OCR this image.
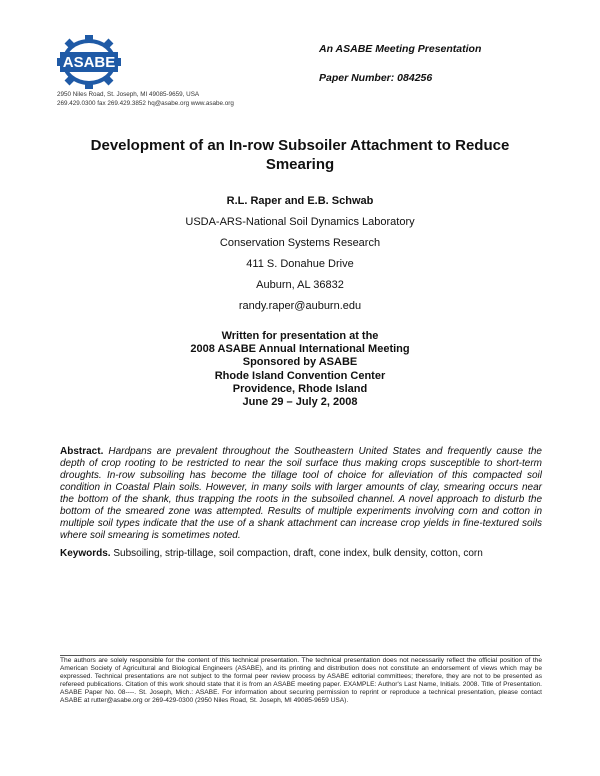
ASABE
2950 Niles Road, St. Joseph, MI 49085-9659, USA
269.429.0300 fax 269.429.3852 hq@asabe.org www.asabe.org
An ASABE Meeting Presentation
Paper Number: 084256
Development of an In-row Subsoiler Attachment to Reduce Smearing
R.L. Raper and E.B. Schwab
USDA-ARS-National Soil Dynamics Laboratory
Conservation Systems Research
411 S. Donahue Drive
Auburn, AL 36832
randy.raper@auburn.edu
Written for presentation at the
2008 ASABE Annual International Meeting
Sponsored by ASABE
Rhode Island Convention Center
Providence, Rhode Island
June 29 – July 2, 2008
Abstract. Hardpans are prevalent throughout the Southeastern United States and frequently cause the depth of crop rooting to be restricted to near the soil surface thus making crops susceptible to short-term droughts. In-row subsoiling has become the tillage tool of choice for alleviation of this compacted soil condition in Coastal Plain soils. However, in many soils with larger amounts of clay, smearing occurs near the bottom of the shank, thus trapping the roots in the subsoiled channel. A novel approach to disturb the bottom of the smeared zone was attempted. Results of multiple experiments involving corn and cotton in multiple soil types indicate that the use of a shank attachment can increase crop yields in fine-textured soils where soil smearing is sometimes noted.
Keywords. Subsoiling, strip-tillage, soil compaction, draft, cone index, bulk density, cotton, corn
The authors are solely responsible for the content of this technical presentation. The technical presentation does not necessarily reflect the official position of the American Society of Agricultural and Biological Engineers (ASABE), and its printing and distribution does not constitute an endorsement of views which may be expressed. Technical presentations are not subject to the formal peer review process by ASABE editorial committees; therefore, they are not to be presented as refereed publications. Citation of this work should state that it is from an ASABE meeting paper. EXAMPLE: Author's Last Name, Initials. 2008. Title of Presentation. ASABE Paper No. 08----. St. Joseph, Mich.: ASABE. For information about securing permission to reprint or reproduce a technical presentation, please contact ASABE at rutter@asabe.org or 269-429-0300 (2950 Niles Road, St. Joseph, MI 49085-9659 USA).
